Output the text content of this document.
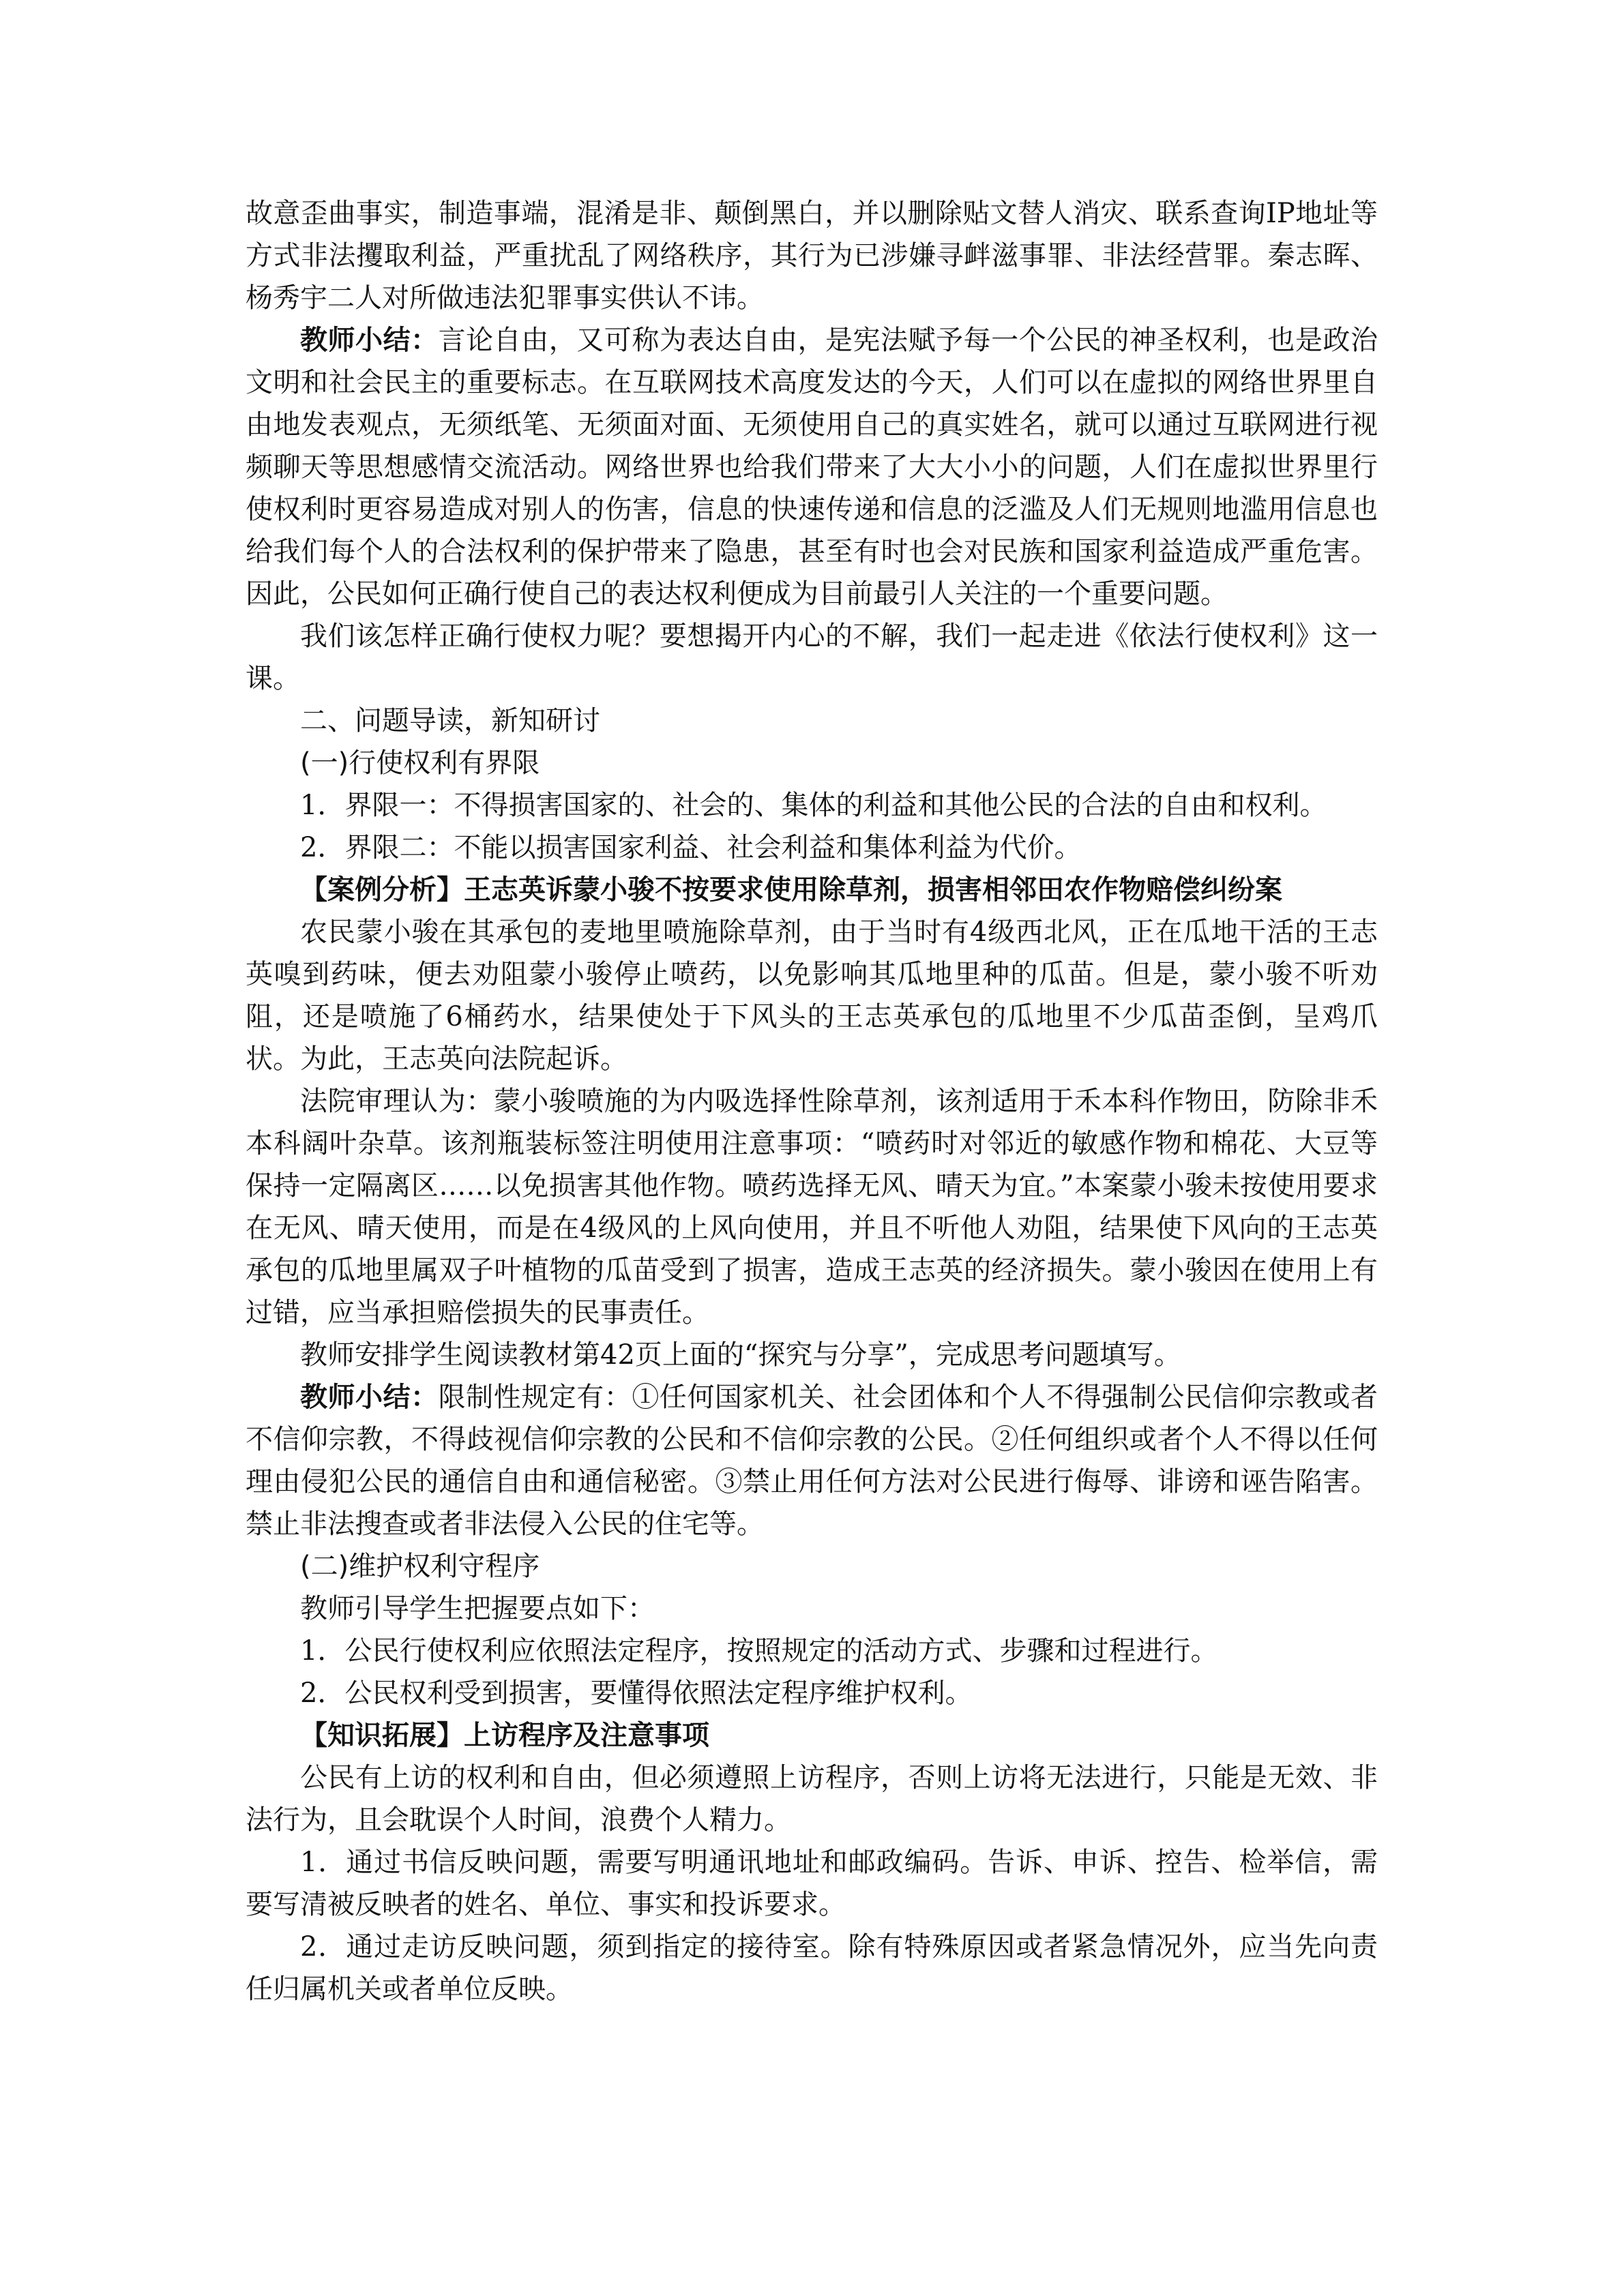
故意歪曲事实，制造事端，混淆是非、颠倒黑白，并以删除贴文替人消灾、联系查询IP地址等方式非法攫取利益，严重扰乱了网络秩序，其行为已涉嫌寻衅滋事罪、非法经营罪。秦志晖、杨秀宇二人对所做违法犯罪事实供认不讳。

教师小结：言论自由，又可称为表达自由，是宪法赋予每一个公民的神圣权利，也是政治文明和社会民主的重要标志。在互联网技术高度发达的今天，人们可以在虚拟的网络世界里自由地发表观点，无须纸笔、无须面对面、无须使用自己的真实姓名，就可以通过互联网进行视频聊天等思想感情交流活动。网络世界也给我们带来了大大小小的问题，人们在虚拟世界里行使权利时更容易造成对别人的伤害，信息的快速传递和信息的泛滥及人们无规则地滥用信息也给我们每个人的合法权利的保护带来了隐患，甚至有时也会对民族和国家利益造成严重危害。因此，公民如何正确行使自己的表达权利便成为目前最引人关注的一个重要问题。

我们该怎样正确行使权力呢？要想揭开内心的不解，我们一起走进《依法行使权利》这一课。

二、问题导读，新知研讨

(一)行使权利有界限

1．界限一：不得损害国家的、社会的、集体的利益和其他公民的合法的自由和权利。

2．界限二：不能以损害国家利益、社会利益和集体利益为代价。

【案例分析】王志英诉蒙小骏不按要求使用除草剂，损害相邻田农作物赔偿纠纷案

农民蒙小骏在其承包的麦地里喷施除草剂，由于当时有4级西北风，正在瓜地干活的王志英嗅到药味，便去劝阻蒙小骏停止喷药，以免影响其瓜地里种的瓜苗。但是，蒙小骏不听劝阻，还是喷施了6桶药水，结果使处于下风头的王志英承包的瓜地里不少瓜苗歪倒，呈鸡爪状。为此，王志英向法院起诉。

法院审理认为：蒙小骏喷施的为内吸选择性除草剂，该剂适用于禾本科作物田，防除非禾本科阔叶杂草。该剂瓶装标签注明使用注意事项：“喷药时对邻近的敏感作物和棉花、大豆等保持一定隔离区……以免损害其他作物。喷药选择无风、晴天为宜。”本案蒙小骏未按使用要求在无风、晴天使用，而是在4级风的上风向使用，并且不听他人劝阻，结果使下风向的王志英承包的瓜地里属双子叶植物的瓜苗受到了损害，造成王志英的经济损失。蒙小骏因在使用上有过错，应当承担赔偿损失的民事责任。

教师安排学生阅读教材第42页上面的“探究与分享”，完成思考问题填写。

教师小结：限制性规定有：①任何国家机关、社会团体和个人不得强制公民信仰宗教或者不信仰宗教，不得歧视信仰宗教的公民和不信仰宗教的公民。②任何组织或者个人不得以任何理由侵犯公民的通信自由和通信秘密。③禁止用任何方法对公民进行侮辱、诽谤和诬告陷害。禁止非法搜查或者非法侵入公民的住宅等。

(二)维护权利守程序

教师引导学生把握要点如下：

1．公民行使权利应依照法定程序，按照规定的活动方式、步骤和过程进行。

2．公民权利受到损害，要懂得依照法定程序维护权利。

【知识拓展】上访程序及注意事项

公民有上访的权利和自由，但必须遵照上访程序，否则上访将无法进行，只能是无效、非法行为，且会耽误个人时间，浪费个人精力。

1．通过书信反映问题，需要写明通讯地址和邮政编码。告诉、申诉、控告、检举信，需要写清被反映者的姓名、单位、事实和投诉要求。

2．通过走访反映问题，须到指定的接待室。除有特殊原因或者紧急情况外，应当先向责任归属机关或者单位反映。
